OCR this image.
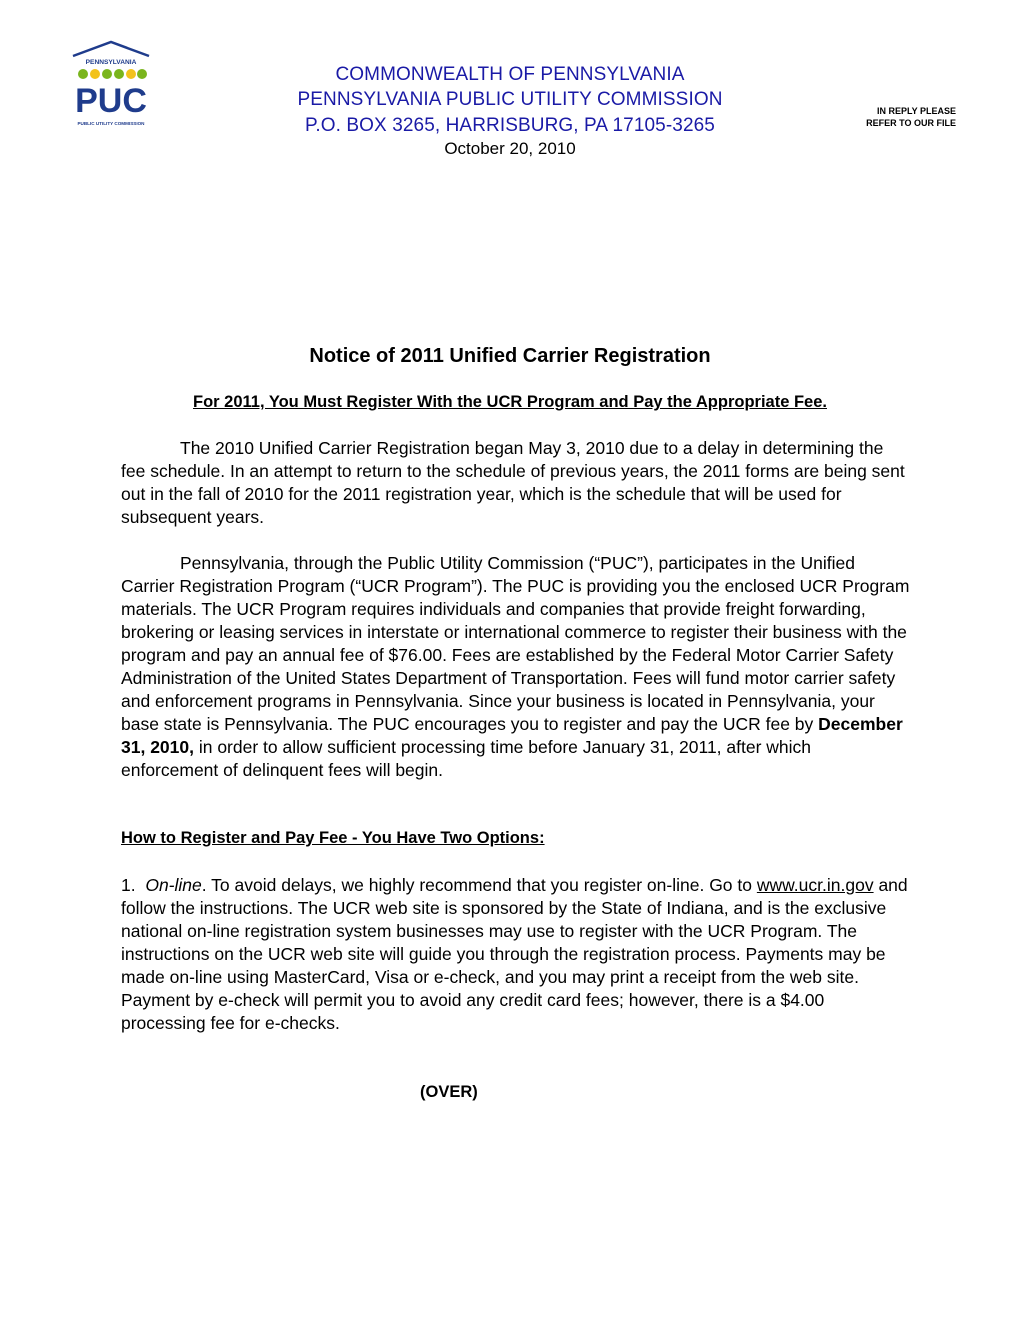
PENNSYLVANIA
PUC
PUBLIC UTILITY COMMISSION
COMMONWEALTH OF PENNSYLVANIA
PENNSYLVANIA PUBLIC UTILITY COMMISSION
P.O. BOX 3265, HARRISBURG, PA 17105-3265
October 20, 2010
IN REPLY PLEASE
REFER TO OUR FILE
Notice of 2011 Unified Carrier Registration
For 2011, You Must Register With the UCR Program and Pay the Appropriate Fee.
The 2010 Unified Carrier Registration began May 3, 2010 due to a delay in determining the fee schedule. In an attempt to return to the schedule of previous years, the 2011 forms are being sent out in the fall of 2010 for the 2011 registration year, which is the schedule that will be used for subsequent years.
Pennsylvania, through the Public Utility Commission (“PUC”), participates in the Unified Carrier Registration Program (“UCR Program”). The PUC is providing you the enclosed UCR Program materials. The UCR Program requires individuals and companies that provide freight forwarding, brokering or leasing services in interstate or international commerce to register their business with the program and pay an annual fee of $76.00. Fees are established by the Federal Motor Carrier Safety Administration of the United States Department of Transportation. Fees will fund motor carrier safety and enforcement programs in Pennsylvania. Since your business is located in Pennsylvania, your base state is Pennsylvania. The PUC encourages you to register and pay the UCR fee by December 31, 2010, in order to allow sufficient processing time before January 31, 2011, after which enforcement of delinquent fees will begin.
How to Register and Pay Fee - You Have Two Options:
1.  On-line. To avoid delays, we highly recommend that you register on-line. Go to www.ucr.in.gov and follow the instructions. The UCR web site is sponsored by the State of Indiana, and is the exclusive national on-line registration system businesses may use to register with the UCR Program. The instructions on the UCR web site will guide you through the registration process. Payments may be made on-line using MasterCard, Visa or e-check, and you may print a receipt from the web site. Payment by e-check will permit you to avoid any credit card fees; however, there is a $4.00 processing fee for e-checks.
(OVER)
